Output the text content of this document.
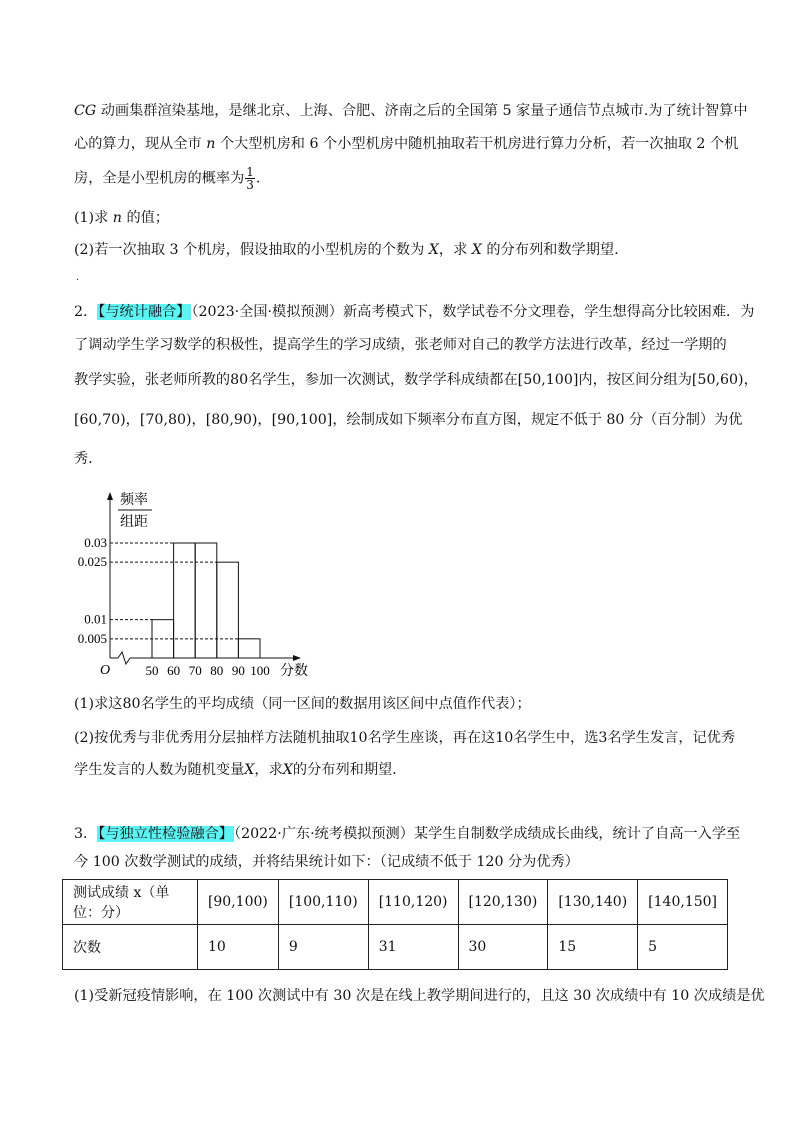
CG 动画集群渲染基地，是继北京、上海、合肥、济南之后的全国第 5 家量子通信节点城市.为了统计智算中
心的算力，现从全市 n 个大型机房和 6 个小型机房中随机抽取若干机房进行算力分析，若一次抽取 2 个机
房，全是小型机房的概率为 $\frac{1}{3}$ .
(1)求 n 的值；
(2)若一次抽取 3 个机房，假设抽取的小型机房的个数为 X，求 X 的分布列和数学期望.
.
2．【与统计融合】（2023·全国·模拟预测）新高考模式下，数学试卷不分文理卷，学生想得高分比较困难．为
了调动学生学习数学的积极性，提高学生的学习成绩，张老师对自己的教学方法进行改革，经过一学期的
教学实验，张老师所教的80名学生，参加一次测试，数学学科成绩都在[50,100]内，按区间分组为[50,60)，
[60,70)，[70,80)，[80,90)，[90,100]，绘制成如下频率分布直方图，规定不低于 80 分（百分制）为优
秀．
0.005
0.01
0.025
0.03
50 60 70 80 90 100
O
频率
组距
分数
(1)求这80名学生的平均成绩（同一区间的数据用该区间中点值作代表）；
(2)按优秀与非优秀用分层抽样方法随机抽取10名学生座谈，再在这10名学生中，选3名学生发言，记优秀
学生发言的人数为随机变量X，求X的分布列和期望．
3．【与独立性检验融合】（2022·广东·统考模拟预测）某学生自制数学成绩成长曲线，统计了自高一入学至
今 100 次数学测试的成绩，并将结果统计如下：（记成绩不低于 120 分为优秀）
测试成绩 x（单位：分）	[90,100)	[100,110)	[110,120)	[120,130)	[130,140)	[140,150]
次数	10	9	31	30	15	5
(1)受新冠疫情影响，在 100 次测试中有 30 次是在线上教学期间进行的，且这 30 次成绩中有 10 次成绩是优
